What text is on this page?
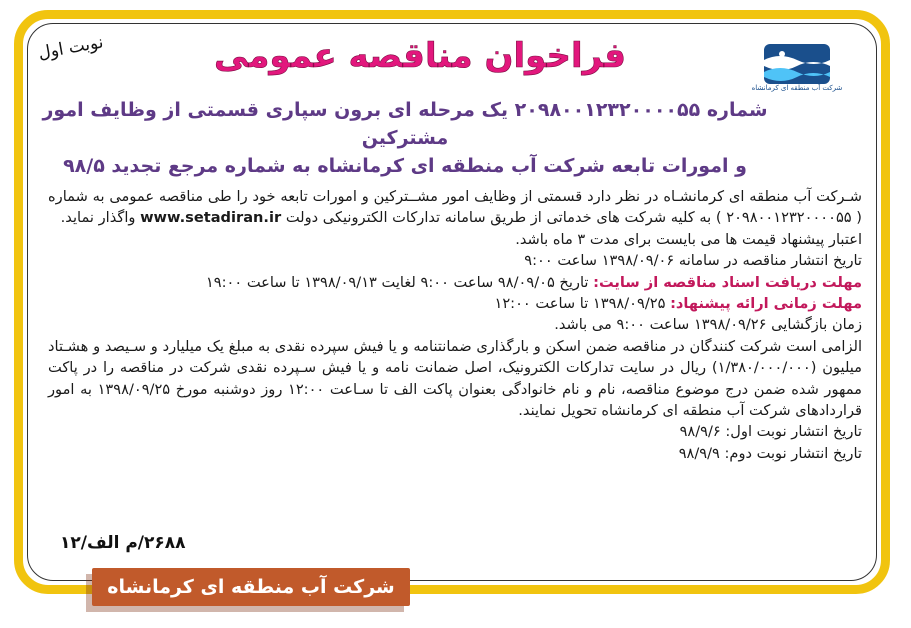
شرکت آب منطقه ای کرمانشاه
نوبت اول	فراخوان مناقصه عمومی
شماره ۲۰۹۸۰۰۱۲۳۲۰۰۰۰۵۵ یک مرحله ای برون سپاری قسمتی از وظایف امور مشترکین
و امورات تابعه شرکت آب منطقه ای کرمانشاه به شماره مرجع تجدید ۹۸/۵

شـرکت آب منطقه ای کرمانشـاه در نظر دارد قسمتی از وظایف امور مشــترکین و امورات تابعه خود را طی مناقصه عمومی به شماره ( ۲۰۹۸۰۰۱۲۳۲۰۰۰۰۵۵ ) به کلیه شرکت های خدماتی از طریق سامانه تدارکات الکترونیکی دولت www.setadiran.ir واگذار نماید.

اعتبار پیشنهاد قیمت ها می بایست برای مدت ۳ ماه باشد.

تاریخ انتشار مناقصه در سامانه ۱۳۹۸/۰۹/۰۶ ساعت ۹:۰۰

مهلت دریافت اسناد مناقصه از سایت: تاریخ ۹۸/۰۹/۰۵ ساعت ۹:۰۰ لغایت ۱۳۹۸/۰۹/۱۳ تا ساعت ۱۹:۰۰

مهلت زمانی ارائه پیشنهاد: ۱۳۹۸/۰۹/۲۵ تا ساعت ۱۲:۰۰

زمان بازگشایی ۱۳۹۸/۰۹/۲۶ ساعت ۹:۰۰ می باشد.

الزامی است شرکت کنندگان در مناقصه ضمن اسکن و بارگذاری ضمانتنامه و یا فیش سپرده نقدی به مبلغ یک میلیارد و سـیصد و هشـتاد میلیون (۱/۳۸۰/۰۰۰/۰۰۰) ریال در سایت تدارکات الکترونیک، اصل ضمانت نامه و یا فیش سـپرده نقدی شرکت در مناقصه را در پاکت ممهور شده ضمن درج موضوع مناقصه، نام و نام خانوادگی بعنوان پاکت الف تا سـاعت ۱۲:۰۰ روز دوشنبه مورخ ۱۳۹۸/۰۹/۲۵ به امور قراردادهای شرکت آب منطقه ای کرمانشاه تحویل نمایند.

تاریخ انتشار نوبت اول: ۹۸/۹/۶

تاریخ انتشار نوبت دوم: ۹۸/۹/۹

۲۶۸۸/م الف/۱۲
شرکت آب منطقه ای کرمانشاه
